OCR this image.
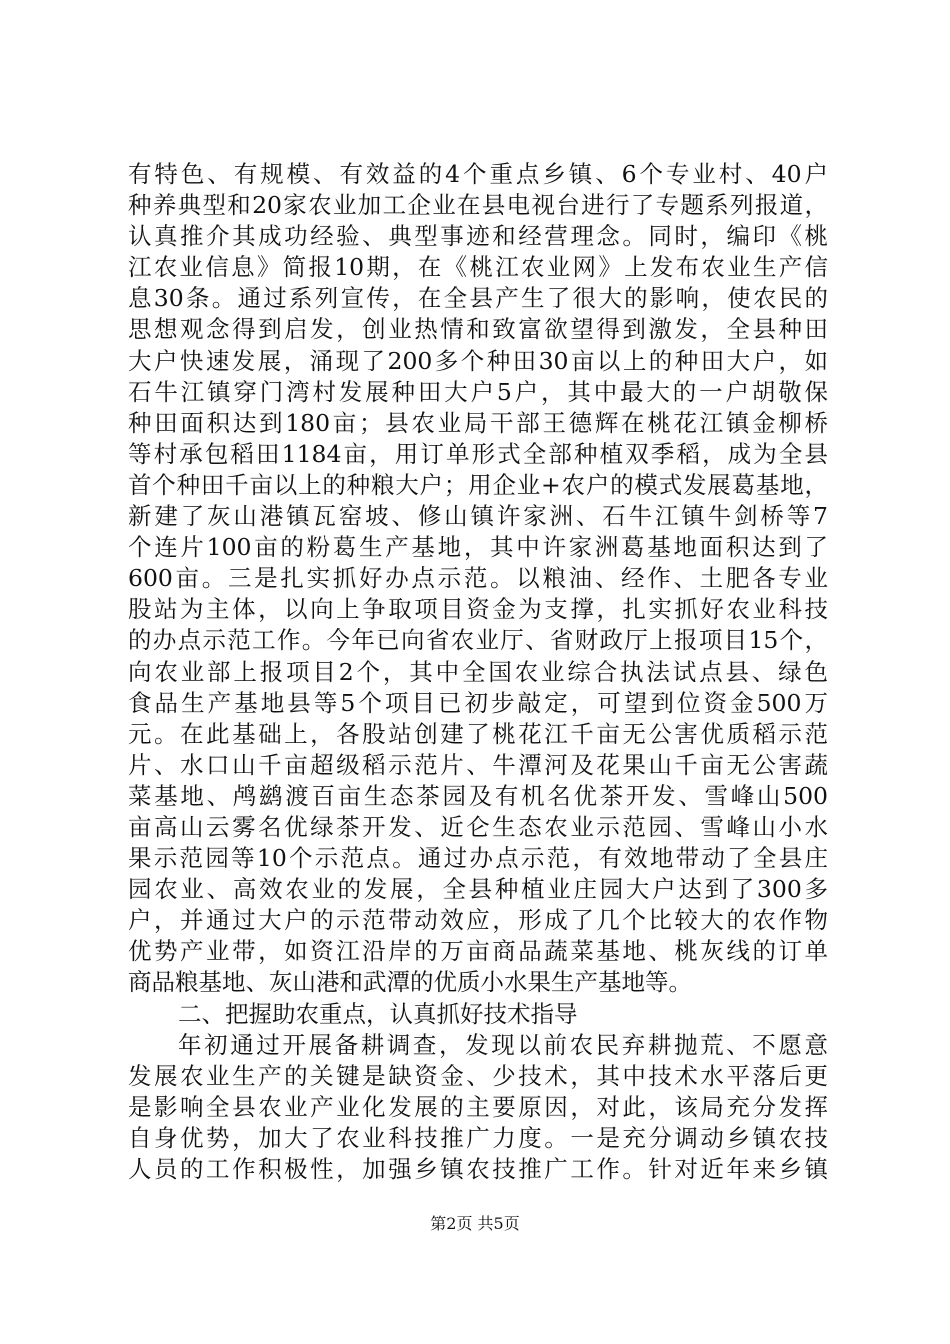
有特色、有规模、有效益的4个重点乡镇、6个专业村、40户
种养典型和20家农业加工企业在县电视台进行了专题系列报道，
认真推介其成功经验、典型事迹和经营理念。同时，编印《桃
江农业信息》简报10期，在《桃江农业网》上发布农业生产信
息30条。通过系列宣传，在全县产生了很大的影响，使农民的
思想观念得到启发，创业热情和致富欲望得到激发，全县种田
大户快速发展，涌现了200多个种田30亩以上的种田大户，如
石牛江镇穿门湾村发展种田大户5户，其中最大的一户胡敬保
种田面积达到180亩；县农业局干部王德辉在桃花江镇金柳桥
等村承包稻田1184亩，用订单形式全部种植双季稻，成为全县
首个种田千亩以上的种粮大户；用企业+农户的模式发展葛基地，
新建了灰山港镇瓦窑坡、修山镇许家洲、石牛江镇牛剑桥等7
个连片100亩的粉葛生产基地，其中许家洲葛基地面积达到了
600亩。三是扎实抓好办点示范。以粮油、经作、土肥各专业
股站为主体，以向上争取项目资金为支撑，扎实抓好农业科技
的办点示范工作。今年已向省农业厅、省财政厅上报项目15个，
向农业部上报项目2个，其中全国农业综合执法试点县、绿色
食品生产基地县等5个项目已初步敲定，可望到位资金500万
元。在此基础上，各股站创建了桃花江千亩无公害优质稻示范
片、水口山千亩超级稻示范片、牛潭河及花果山千亩无公害蔬
菜基地、鸬鹚渡百亩生态茶园及有机名优茶开发、雪峰山500
亩高山云雾名优绿茶开发、近仑生态农业示范园、雪峰山小水
果示范园等10个示范点。通过办点示范，有效地带动了全县庄
园农业、高效农业的发展，全县种植业庄园大户达到了300多
户，并通过大户的示范带动效应，形成了几个比较大的农作物
优势产业带，如资江沿岸的万亩商品蔬菜基地、桃灰线的订单
商品粮基地、灰山港和武潭的优质小水果生产基地等。
二、把握助农重点，认真抓好技术指导
年初通过开展备耕调查，发现以前农民弃耕抛荒、不愿意
发展农业生产的关键是缺资金、少技术，其中技术水平落后更
是影响全县农业产业化发展的主要原因，对此，该局充分发挥
自身优势，加大了农业科技推广力度。一是充分调动乡镇农技
人员的工作积极性，加强乡镇农技推广工作。针对近年来乡镇
第2页 共5页
